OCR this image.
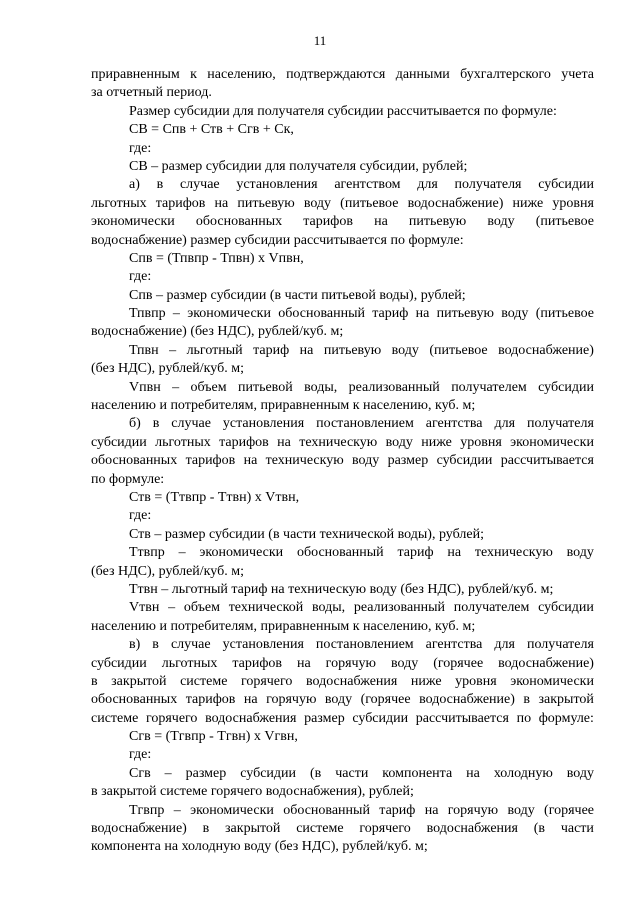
11
приравненным к населению, подтверждаются данными бухгалтерского учета
за отчетный период.
Размер субсидии для получателя субсидии рассчитывается по формуле:
СВ = Спв + Ств + Сгв + Ск,
где:
СВ – размер субсидии для получателя субсидии, рублей;
а) в случае установления агентством для получателя субсидии
льготных тарифов на питьевую воду (питьевое водоснабжение) ниже уровня
экономически обоснованных тарифов на питьевую воду (питьевое
водоснабжение) размер субсидии рассчитывается по формуле:
Спв = (Тпвпр - Тпвн) х Vпвн,
где:
Спв – размер субсидии (в части питьевой воды), рублей;
Тпвпр – экономически обоснованный тариф на питьевую воду (питьевое
водоснабжение) (без НДС), рублей/куб. м;
Тпвн – льготный тариф на питьевую воду (питьевое водоснабжение)
(без НДС), рублей/куб. м;
Vпвн – объем питьевой воды, реализованный получателем субсидии
населению и потребителям, приравненным к населению, куб. м;
б) в случае установления постановлением агентства для получателя
субсидии льготных тарифов на техническую воду ниже уровня экономически
обоснованных тарифов на техническую воду размер субсидии рассчитывается
по формуле:
Ств = (Ттвпр - Ттвн) х Vтвн,
где:
Ств – размер субсидии (в части технической воды), рублей;
Ттвпр – экономически обоснованный тариф на техническую воду
(без НДС), рублей/куб. м;
Ттвн – льготный тариф на техническую воду (без НДС), рублей/куб. м;
Vтвн – объем технической воды, реализованный получателем субсидии
населению и потребителям, приравненным к населению, куб. м;
в) в случае установления постановлением агентства для получателя
субсидии льготных тарифов на горячую воду (горячее водоснабжение)
в закрытой системе горячего водоснабжения ниже уровня экономически
обоснованных тарифов на горячую воду (горячее водоснабжение) в закрытой
системе горячего водоснабжения размер субсидии рассчитывается по формуле:
Сгв = (Тгвпр - Тгвн) х Vгвн,
где:
Сгв – размер субсидии (в части компонента на холодную воду
в закрытой системе горячего водоснабжения), рублей;
Тгвпр – экономически обоснованный тариф на горячую воду (горячее
водоснабжение) в закрытой системе горячего водоснабжения (в части
компонента на холодную воду (без НДС), рублей/куб. м;
